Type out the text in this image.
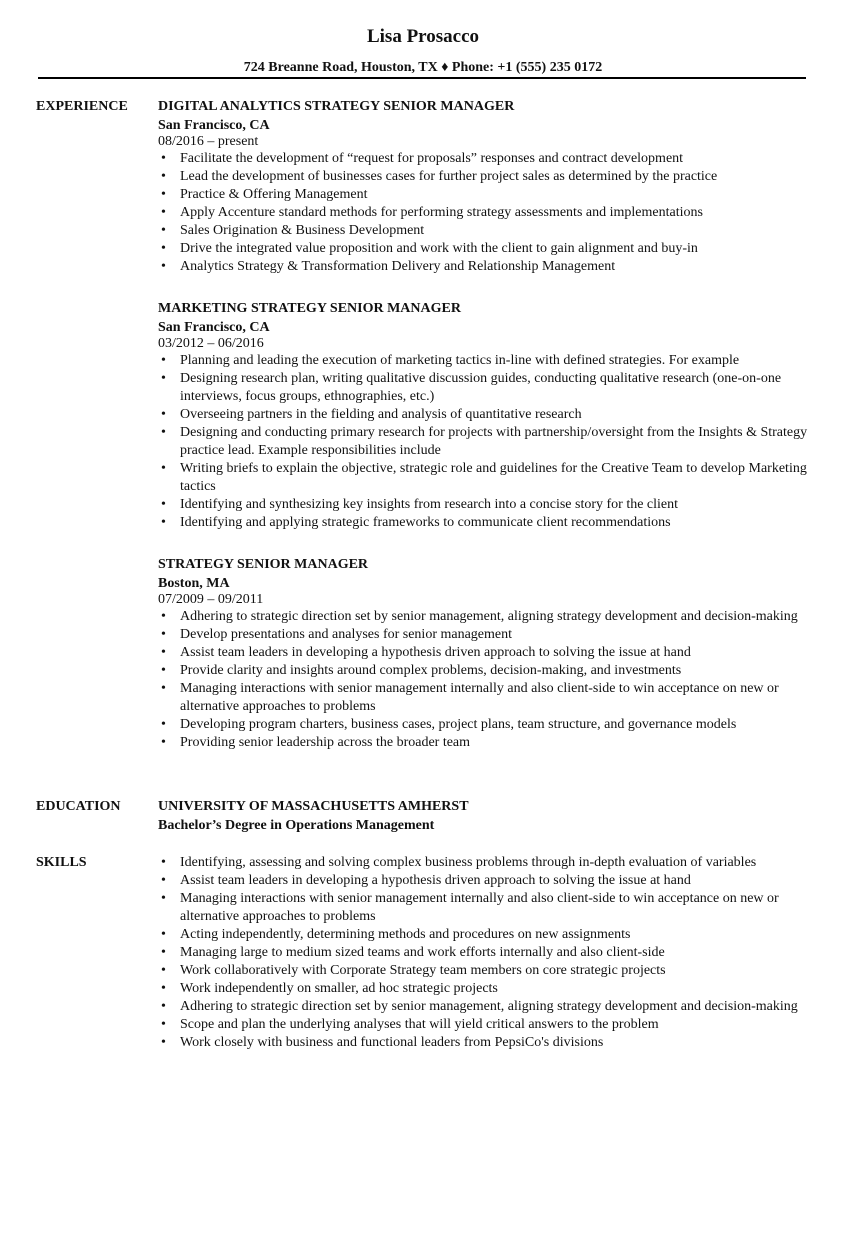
Lisa Prosacco
724 Breanne Road, Houston, TX ♦ Phone: +1 (555) 235 0172
EXPERIENCE DIGITAL ANALYTICS STRATEGY SENIOR MANAGER
San Francisco, CA
08/2016 – present
• Facilitate the development of “request for proposals” responses and contract development
• Lead the development of businesses cases for further project sales as determined by the practice
• Practice & Offering Management
• Apply Accenture standard methods for performing strategy assessments and implementations
• Sales Origination & Business Development
• Drive the integrated value proposition and work with the client to gain alignment and buy-in
• Analytics Strategy & Transformation Delivery and Relationship Management
MARKETING STRATEGY SENIOR MANAGER
San Francisco, CA
03/2012 – 06/2016
• Planning and leading the execution of marketing tactics in-line with defined strategies. For example
• Designing research plan, writing qualitative discussion guides, conducting qualitative research (one-on-one interviews, focus groups, ethnographies, etc.)
• Overseeing partners in the fielding and analysis of quantitative research
• Designing and conducting primary research for projects with partnership/oversight from the Insights & Strategy practice lead. Example responsibilities include
• Writing briefs to explain the objective, strategic role and guidelines for the Creative Team to develop Marketing tactics
• Identifying and synthesizing key insights from research into a concise story for the client
• Identifying and applying strategic frameworks to communicate client recommendations
STRATEGY SENIOR MANAGER
Boston, MA
07/2009 – 09/2011
• Adhering to strategic direction set by senior management, aligning strategy development and decision-making
• Develop presentations and analyses for senior management
• Assist team leaders in developing a hypothesis driven approach to solving the issue at hand
• Provide clarity and insights around complex problems, decision-making, and investments
• Managing interactions with senior management internally and also client-side to win acceptance on new or alternative approaches to problems
• Developing program charters, business cases, project plans, team structure, and governance models
• Providing senior leadership across the broader team
EDUCATION	UNIVERSITY OF MASSACHUSETTS AMHERST
Bachelor’s Degree in Operations Management
SKILLS
•	Identifying, assessing and solving complex business problems through in-depth evaluation of variables
• Assist team leaders in developing a hypothesis driven approach to solving the issue at hand
• Managing interactions with senior management internally and also client-side to win acceptance on new or alternative approaches to problems
• Acting independently, determining methods and procedures on new assignments
• Managing large to medium sized teams and work efforts internally and also client-side
• Work collaboratively with Corporate Strategy team members on core strategic projects
• Work independently on smaller, ad hoc strategic projects
• Adhering to strategic direction set by senior management, aligning strategy development and decision-making
• Scope and plan the underlying analyses that will yield critical answers to the problem
• Work closely with business and functional leaders from PepsiCo's divisions
